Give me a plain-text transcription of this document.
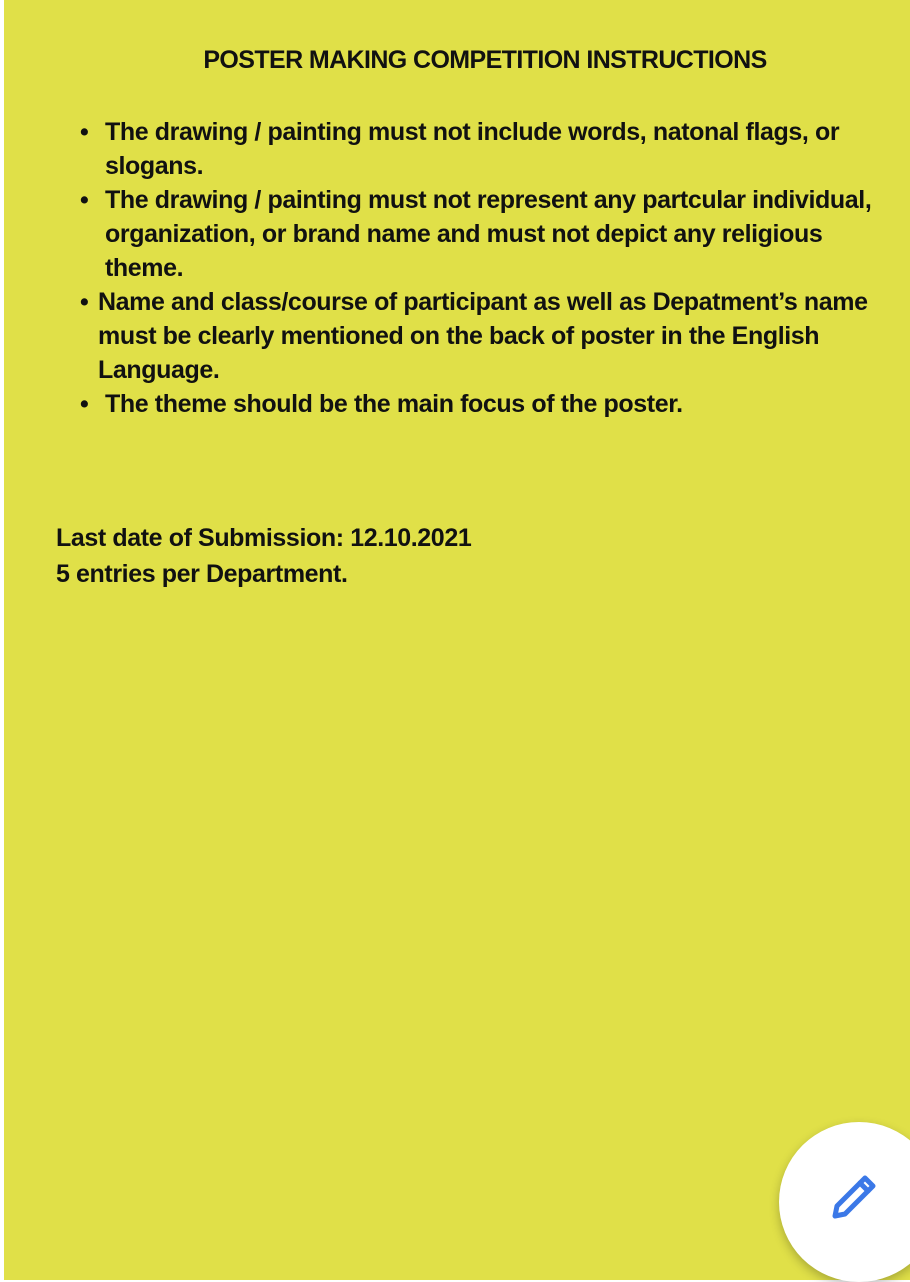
POSTER MAKING COMPETITION INSTRUCTIONS
• The drawing / painting must not include words, natonal flags, or slogans.
• The drawing / painting must not represent any partcular individual, organization, or brand name and must not depict any religious theme.
• Name and class/course of participant as well as Depatment’s name must be clearly mentioned on the back of poster in the English Language.
• The theme should be the main focus of the poster.
Last date of Submission: 12.10.2021
5 entries per Department.
